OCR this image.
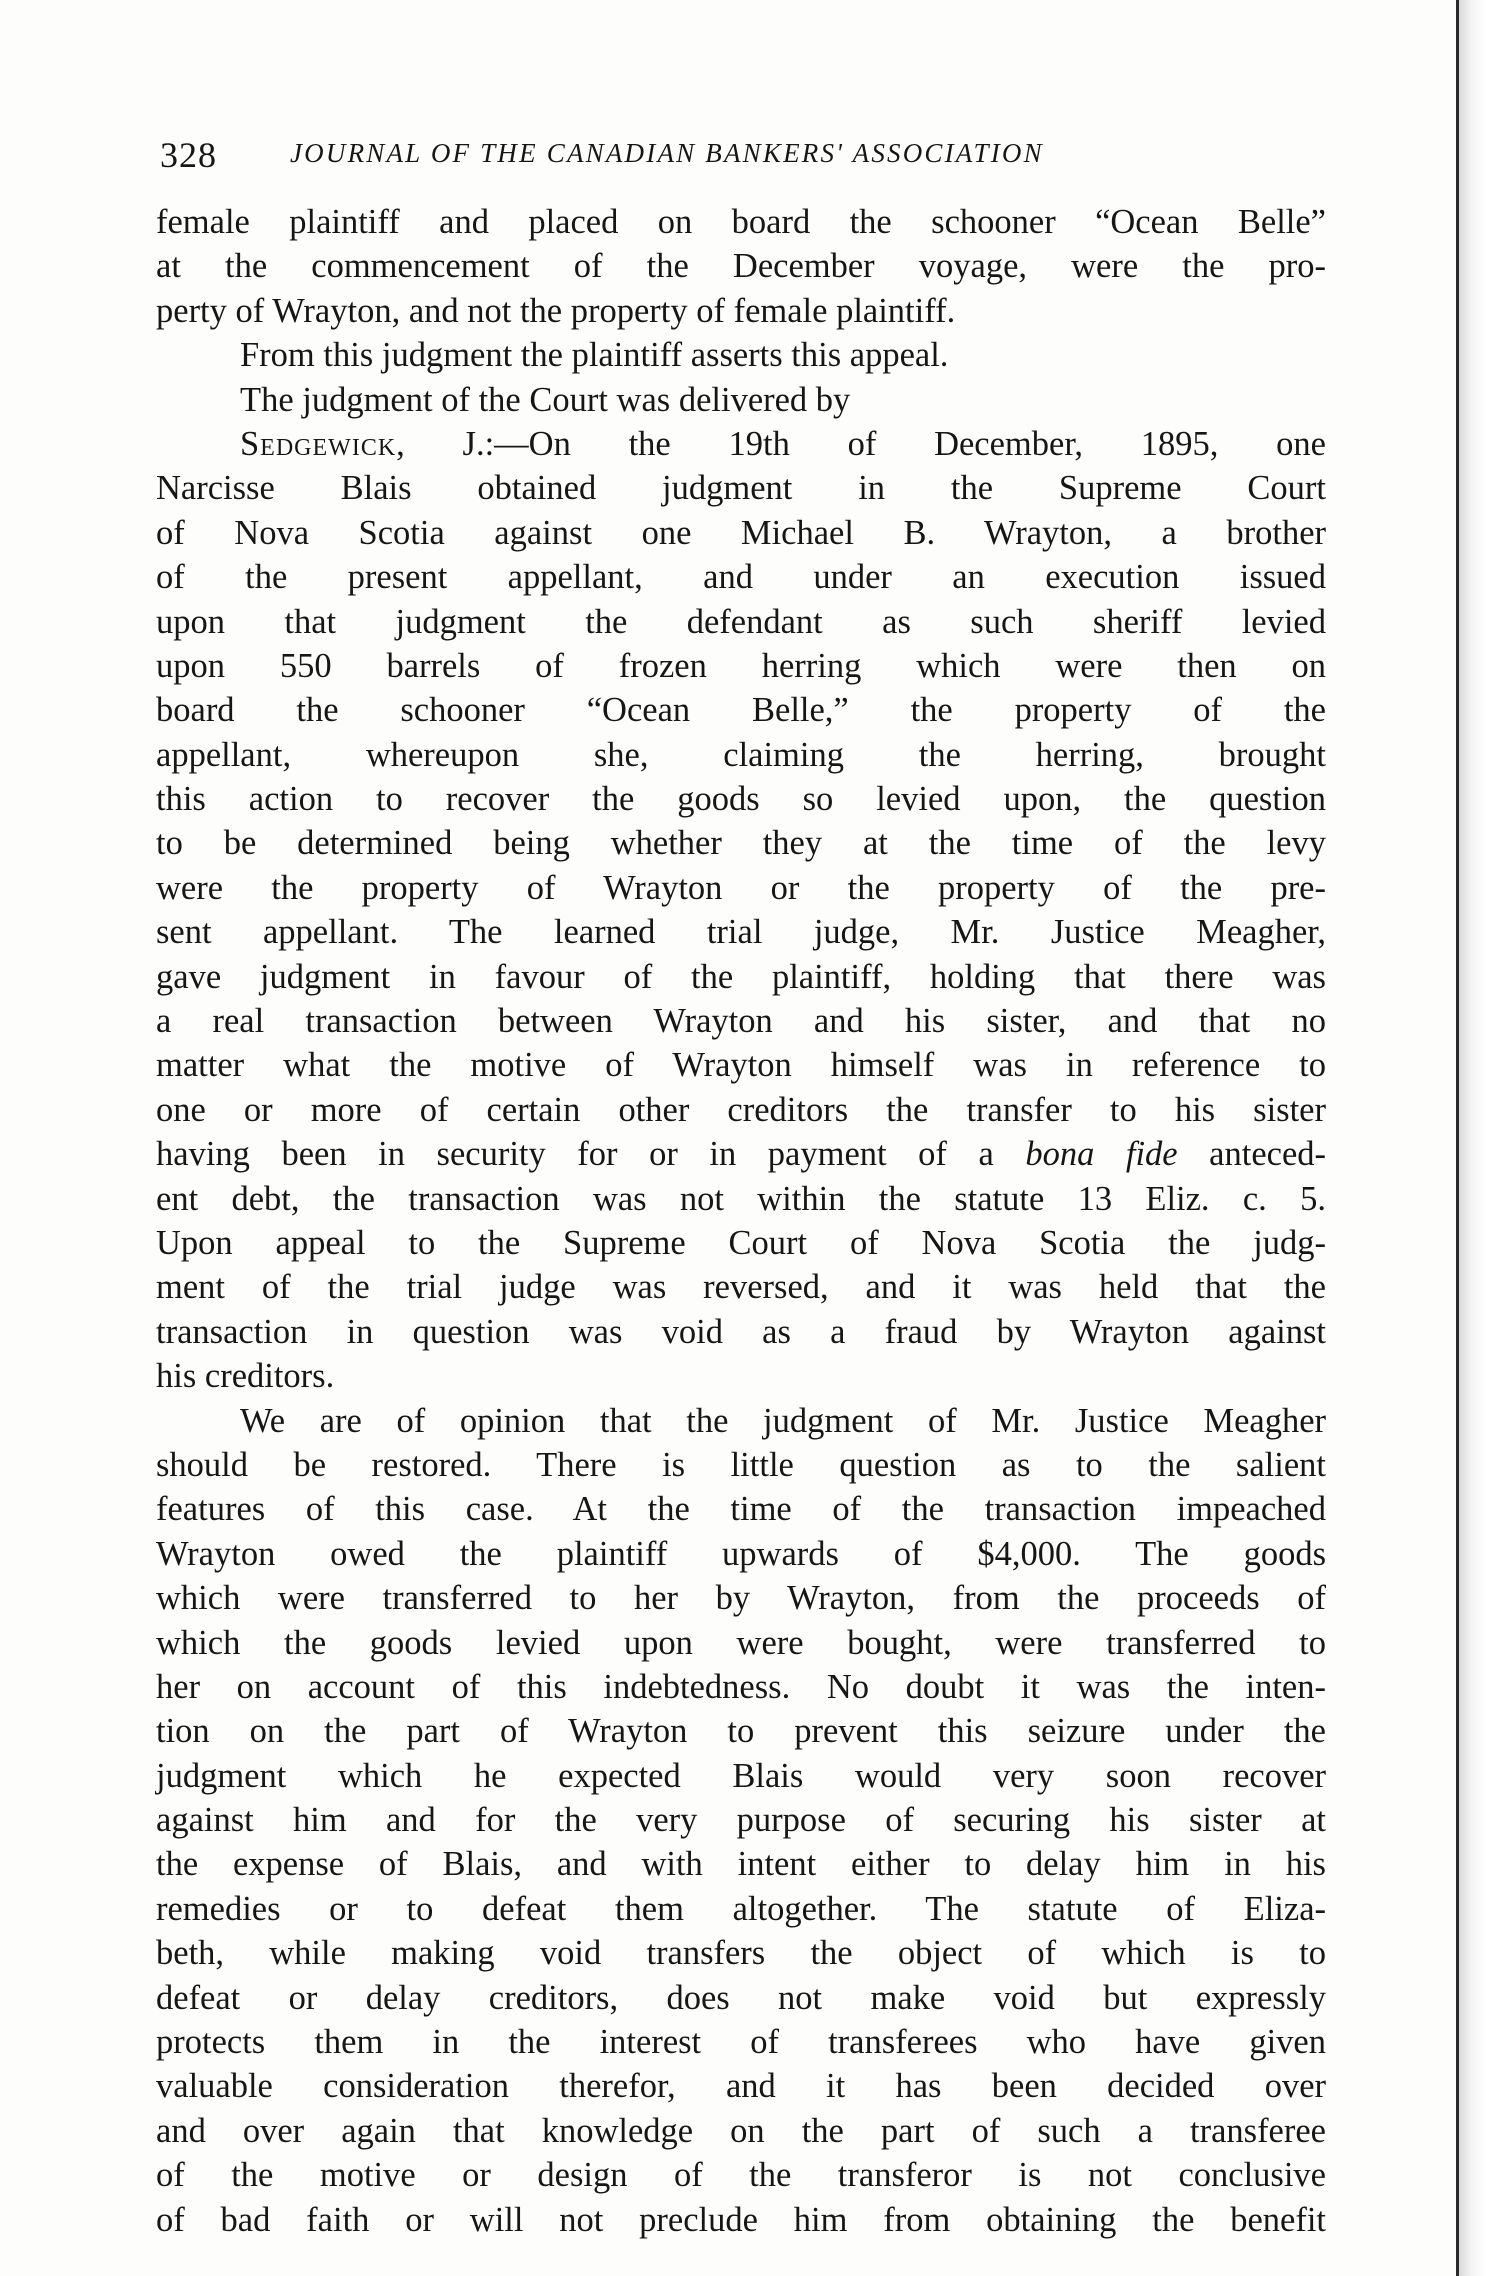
328	JOURNAL OF THE CANADIAN BANKERS' ASSOCIATION
female plaintiff and placed on board the schooner “Ocean Belle”
at the commencement of the December voyage, were the pro-
perty of Wrayton, and not the property of female plaintiff.
From this judgment the plaintiff asserts this appeal.
The judgment of the Court was delivered by
Sedgewick, J.:—On the 19th of December, 1895, one
Narcisse Blais obtained judgment in the Supreme Court
of Nova Scotia against one Michael B. Wrayton, a brother
of the present appellant, and under an execution issued
upon that judgment the defendant as such sheriff levied
upon 550 barrels of frozen herring which were then on
board the schooner “Ocean Belle,” the property of the
appellant, whereupon she, claiming the herring, brought
this action to recover the goods so levied upon, the question
to be determined being whether they at the time of the levy
were the property of Wrayton or the property of the pre-
sent appellant. The learned trial judge, Mr. Justice Meagher,
gave judgment in favour of the plaintiff, holding that there was
a real transaction between Wrayton and his sister, and that no
matter what the motive of Wrayton himself was in reference to
one or more of certain other creditors the transfer to his sister
having been in security for or in payment of a bona fide anteced-
ent debt, the transaction was not within the statute 13 Eliz. c. 5.
Upon appeal to the Supreme Court of Nova Scotia the judg-
ment of the trial judge was reversed, and it was held that the
transaction in question was void as a fraud by Wrayton against
his creditors.
We are of opinion that the judgment of Mr. Justice Meagher
should be restored. There is little question as to the salient
features of this case. At the time of the transaction impeached
Wrayton owed the plaintiff upwards of $4,000. The goods
which were transferred to her by Wrayton, from the proceeds of
which the goods levied upon were bought, were transferred to
her on account of this indebtedness. No doubt it was the inten-
tion on the part of Wrayton to prevent this seizure under the
judgment which he expected Blais would very soon recover
against him and for the very purpose of securing his sister at
the expense of Blais, and with intent either to delay him in his
remedies or to defeat them altogether. The statute of Eliza-
beth, while making void transfers the object of which is to
defeat or delay creditors, does not make void but expressly
protects them in the interest of transferees who have given
valuable consideration therefor, and it has been decided over
and over again that knowledge on the part of such a transferee
of the motive or design of the transferor is not conclusive
of bad faith or will not preclude him from obtaining the benefit
